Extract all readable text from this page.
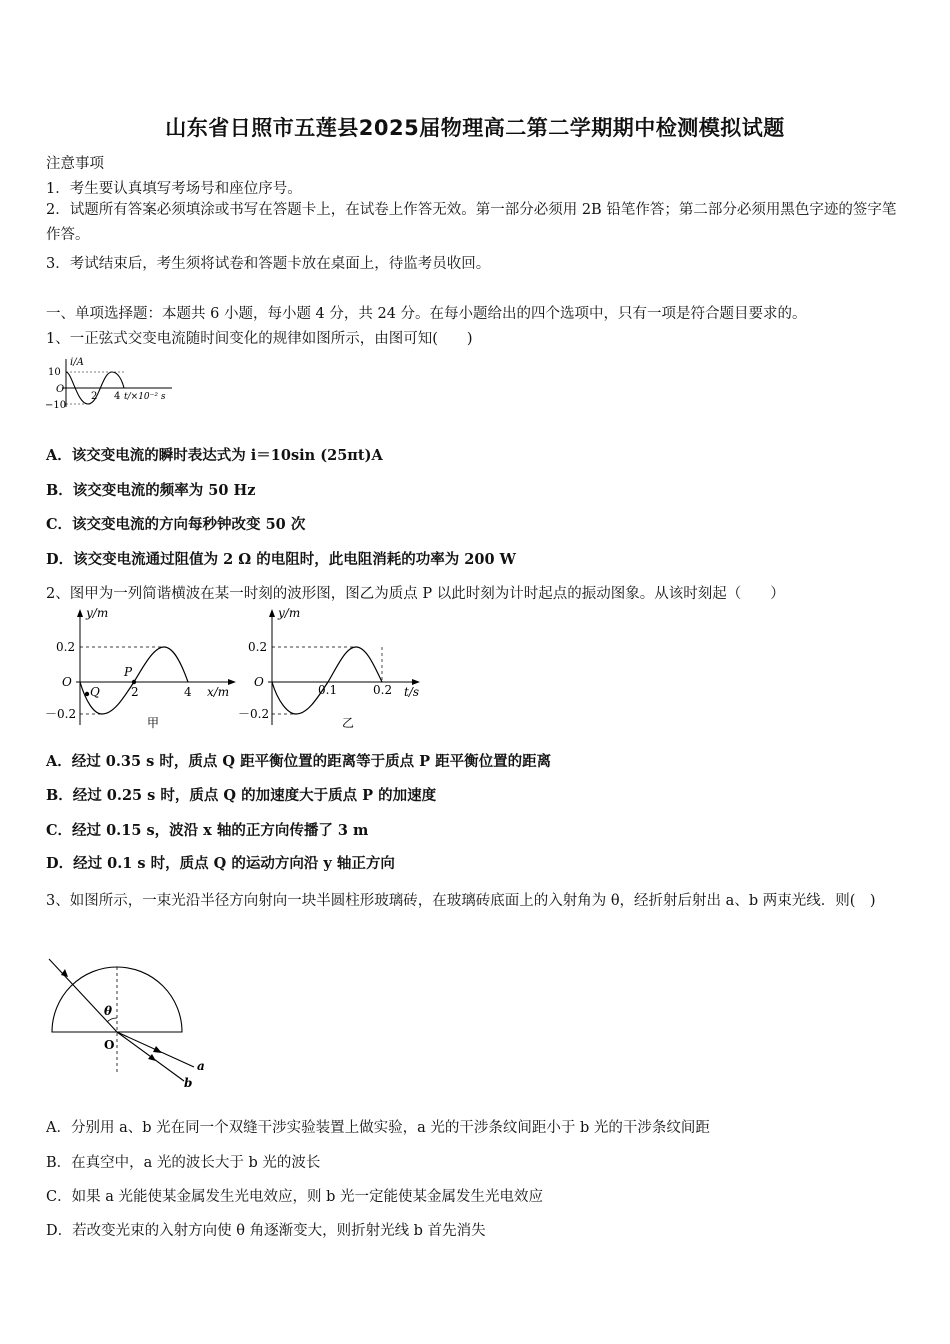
山东省日照市五莲县2025届物理高二第二学期期中检测模拟试题
注意事项
1．考生要认真填写考场号和座位序号。
2．试题所有答案必须填涂或书写在答题卡上，在试卷上作答无效。第一部分必须用 2B 铅笔作答；第二部分必须用黑色字迹的签字笔作答。
3．考试结束后，考生须将试卷和答题卡放在桌面上，待监考员收回。
一、单项选择题：本题共 6 小题，每小题 4 分，共 24 分。在每小题给出的四个选项中，只有一项是符合题目要求的。
1、一正弦式交变电流随时间变化的规律如图所示，由图可知(　　)
i/A
10
O
−10
2 4 t/×10⁻² s
A．该交变电流的瞬时表达式为 i＝10sin (25πt)A
B．该交变电流的频率为 50 Hz
C．该交变电流的方向每秒钟改变 50 次
D．该交变电流通过阻值为 2 Ω 的电阻时，此电阻消耗的功率为 200 W
2、图甲为一列简谐横波在某一时刻的波形图，图乙为质点 P 以此时刻为计时起点的振动图象。从该时刻起（　　）
y/m
0.2
O
Q
P
2	4 x/m
－0.2
甲
y/m
0.2
O
0.1	0.2 t/s
－0.2
乙
A．经过 0.35 s 时，质点 Q 距平衡位置的距离等于质点 P 距平衡位置的距离
B．经过 0.25 s 时，质点 Q 的加速度大于质点 P 的加速度
C．经过 0.15 s，波沿 x 轴的正方向传播了 3 m
D．经过 0.1 s 时，质点 Q 的运动方向沿 y 轴正方向
3、如图所示，一束光沿半径方向射向一块半圆柱形玻璃砖，在玻璃砖底面上的入射角为 θ，经折射后射出 a、b 两束光线．则(　)
θ
O
a
b
A．分别用 a、b 光在同一个双缝干涉实验装置上做实验，a 光的干涉条纹间距小于 b 光的干涉条纹间距
B．在真空中，a 光的波长大于 b 光的波长
C．如果 a 光能使某金属发生光电效应，则 b 光一定能使某金属发生光电效应
D．若改变光束的入射方向使 θ 角逐渐变大，则折射光线 b 首先消失
